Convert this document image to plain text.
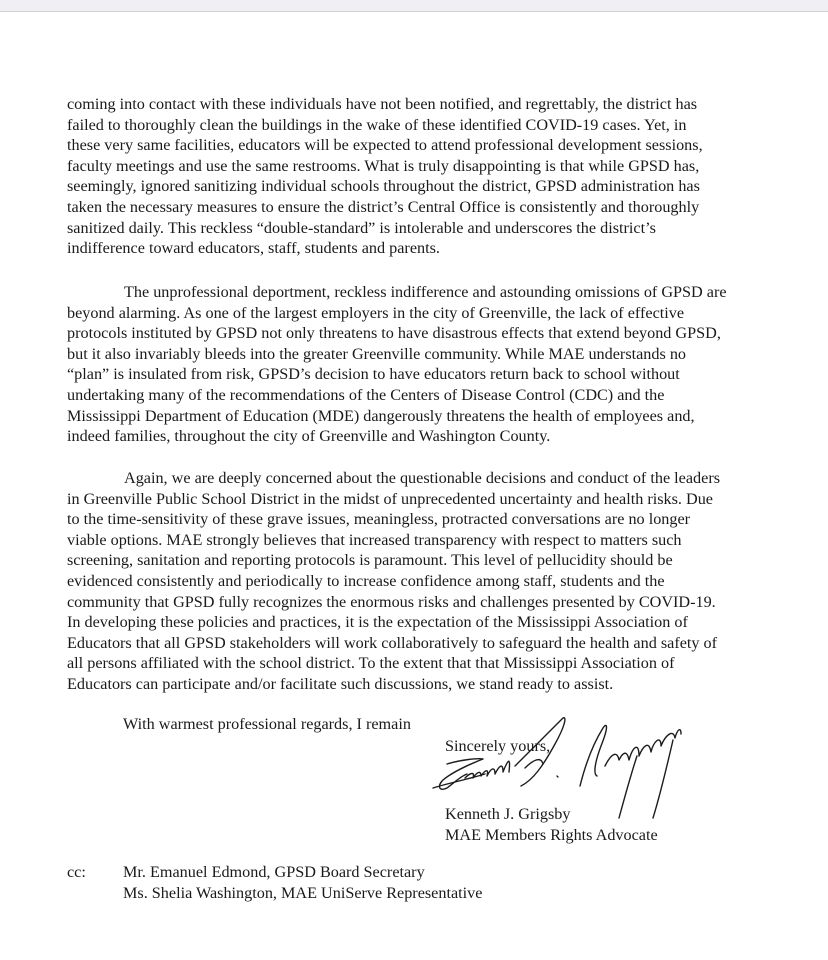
coming into contact with these individuals have not been notified, and regrettably, the district has
failed to thoroughly clean the buildings in the wake of these identified COVID-19 cases. Yet, in
these very same facilities, educators will be expected to attend professional development sessions,
faculty meetings and use the same restrooms. What is truly disappointing is that while GPSD has,
seemingly, ignored sanitizing individual schools throughout the district, GPSD administration has
taken the necessary measures to ensure the district’s Central Office is consistently and thoroughly
sanitized daily. This reckless “double-standard” is intolerable and underscores the district’s
indifference toward educators, staff, students and parents.

The unprofessional deportment, reckless indifference and astounding omissions of GPSD are
beyond alarming. As one of the largest employers in the city of Greenville, the lack of effective
protocols instituted by GPSD not only threatens to have disastrous effects that extend beyond GPSD,
but it also invariably bleeds into the greater Greenville community. While MAE understands no
“plan” is insulated from risk, GPSD’s decision to have educators return back to school without
undertaking many of the recommendations of the Centers of Disease Control (CDC) and the
Mississippi Department of Education (MDE) dangerously threatens the health of employees and,
indeed families, throughout the city of Greenville and Washington County.

Again, we are deeply concerned about the questionable decisions and conduct of the leaders
in Greenville Public School District in the midst of unprecedented uncertainty and health risks. Due
to the time-sensitivity of these grave issues, meaningless, protracted conversations are no longer
viable options. MAE strongly believes that increased transparency with respect to matters such
screening, sanitation and reporting protocols is paramount. This level of pellucidity should be
evidenced consistently and periodically to increase confidence among staff, students and the
community that GPSD fully recognizes the enormous risks and challenges presented by COVID-19.
In developing these policies and practices, it is the expectation of the Mississippi Association of
Educators that all GPSD stakeholders will work collaboratively to safeguard the health and safety of
all persons affiliated with the school district. To the extent that that Mississippi Association of
Educators can participate and/or facilitate such discussions, we stand ready to assist.

With warmest professional regards, I remain
Sincerely yours,
Kenneth J. Grigsby
MAE Members Rights Advocate
cc: Mr. Emanuel Edmond, GPSD Board Secretary
Ms. Shelia Washington, MAE UniServe Representative
